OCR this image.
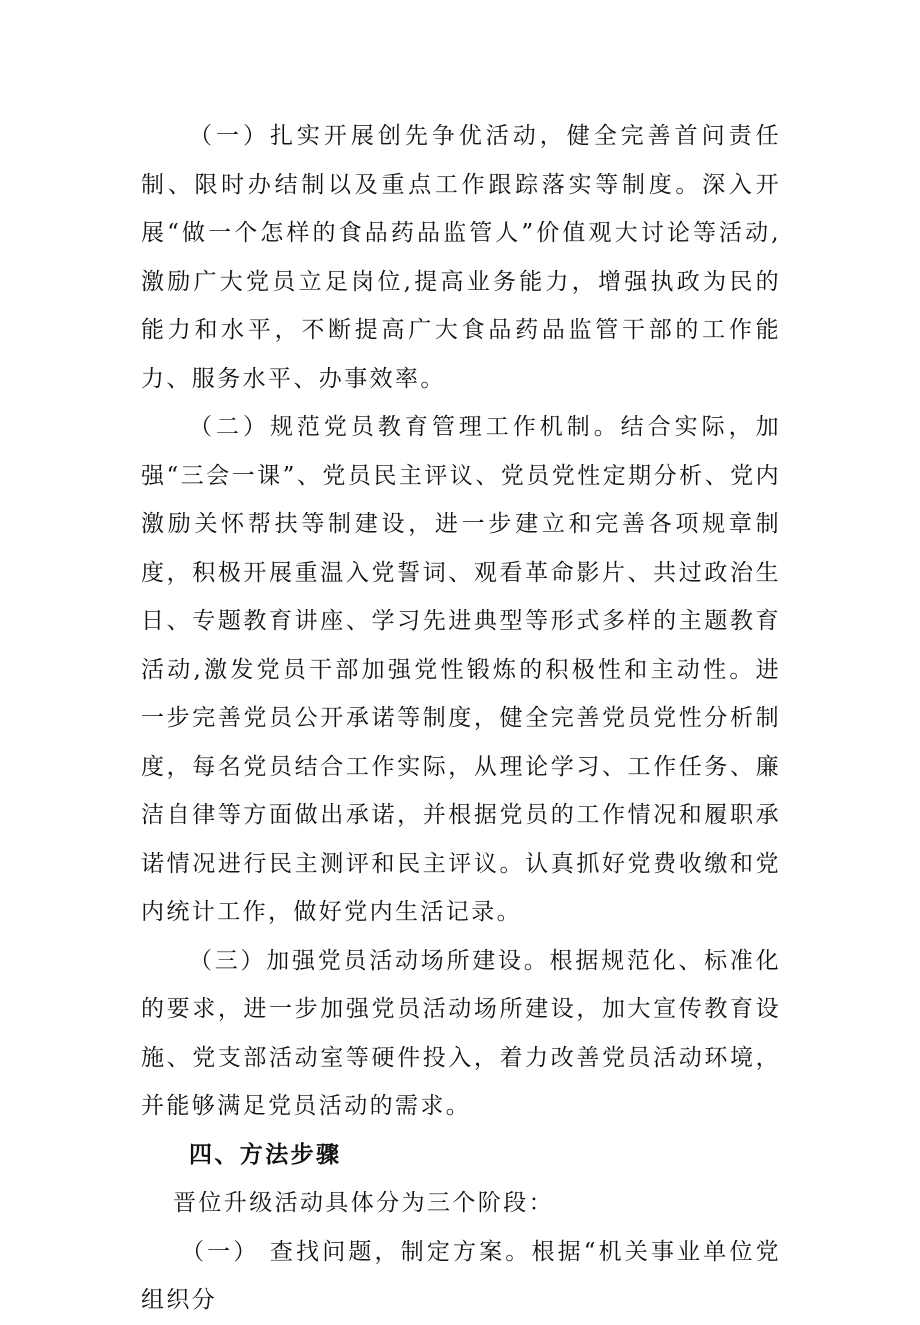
（一）扎实开展创先争优活动，健全完善首问责任制、限时办结制以及重点工作跟踪落实等制度。深入开展“做一个怎样的食品药品监管人”价值观大讨论等活动,激励广大党员立足岗位,提高业务能力，增强执政为民的能力和水平，不断提高广大食品药品监管干部的工作能力、服务水平、办事效率。

（二）规范党员教育管理工作机制。结合实际，加强“三会一课”、党员民主评议、党员党性定期分析、党内激励关怀帮扶等制建设，进一步建立和完善各项规章制度，积极开展重温入党誓词、观看革命影片、共过政治生日、专题教育讲座、学习先进典型等形式多样的主题教育活动,激发党员干部加强党性锻炼的积极性和主动性。进一步完善党员公开承诺等制度，健全完善党员党性分析制度，每名党员结合工作实际，从理论学习、工作任务、廉洁自律等方面做出承诺，并根据党员的工作情况和履职承诺情况进行民主测评和民主评议。认真抓好党费收缴和党内统计工作，做好党内生活记录。

（三）加强党员活动场所建设。根据规范化、标准化的要求，进一步加强党员活动场所建设，加大宣传教育设施、党支部活动室等硬件投入，着力改善党员活动环境，并能够满足党员活动的需求。

四、方法步骤

晋位升级活动具体分为三个阶段：

（一） 查找问题，制定方案。根据“机关事业单位党组织分
